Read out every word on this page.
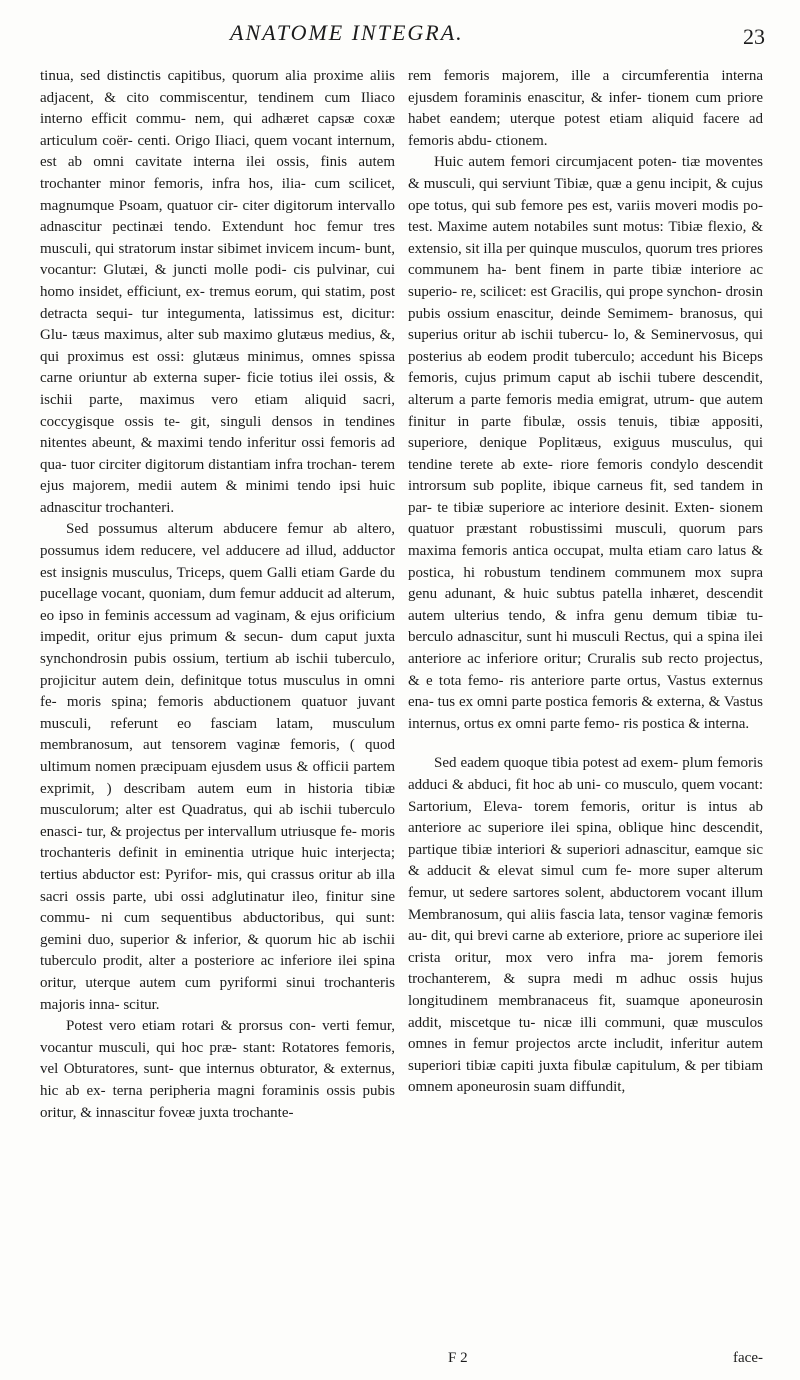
ANATOME INTEGRA.	23

tinua, sed distinctis capitibus, quorum alia proxime aliis adjacent, & cito commiscentur, tendinem cum Iliaco interno efficit commu- nem, qui adhæret capsæ coxæ articulum coër- centi. Origo Iliaci, quem vocant internum, est ab omni cavitate interna ilei ossis, finis autem trochanter minor femoris, infra hos, ilia- cum scilicet, magnumque Psoam, quatuor cir- citer digitorum intervallo adnascitur pectinæi tendo. Extendunt hoc femur tres musculi, qui stratorum instar sibimet invicem incum- bunt, vocantur: Glutæi, & juncti molle podi- cis pulvinar, cui homo insidet, efficiunt, ex- tremus eorum, qui statim, post detracta sequi- tur integumenta, latissimus est, dicitur: Glu- tæus maximus, alter sub maximo glutæus medius, &, qui proximus est ossi: glutæus minimus, omnes spissa carne oriuntur ab externa super- ficie totius ilei ossis, & ischii parte, maximus vero etiam aliquid sacri, coccygisque ossis te- git, singuli densos in tendines nitentes abeunt, & maximi tendo inferitur ossi femoris ad qua- tuor circiter digitorum distantiam infra trochan- terem ejus majorem, medii autem & minimi tendo ipsi huic adnascitur trochanteri.

Sed possumus alterum abducere femur ab altero, possumus idem reducere, vel adducere ad illud, adductor est insignis musculus, Triceps, quem Galli etiam Garde du pucellage vocant, quoniam, dum femur adducit ad alterum, eo ipso in feminis accessum ad vaginam, & ejus orificium impedit, oritur ejus primum & secun- dum caput juxta synchondrosin pubis ossium, tertium ab ischii tuberculo, projicitur autem dein, definitque totus musculus in omni fe- moris spina; femoris abductionem quatuor juvant musculi, referunt eo fasciam latam, musculum membranosum, aut tensorem vaginæ femoris, ( quod ultimum nomen præcipuam ejusdem usus & officii partem exprimit, ) describam autem eum in historia tibiæ musculorum; alter est Quadratus, qui ab ischii tuberculo enasci- tur, & projectus per intervallum utriusque fe- moris trochanteris definit in eminentia utrique huic interjecta; tertius abductor est: Pyrifor- mis, qui crassus oritur ab illa sacri ossis parte, ubi ossi adglutinatur ileo, finitur sine commu- ni cum sequentibus abductoribus, qui sunt: gemini duo, superior & inferior, & quorum hic ab ischii tuberculo prodit, alter a posteriore ac inferiore ilei spina oritur, uterque autem cum pyriformi sinui trochanteris majoris inna- scitur.

Potest vero etiam rotari & prorsus con- verti femur, vocantur musculi, qui hoc præ- stant: Rotatores femoris, vel Obturatores, sunt- que internus obturator, & externus, hic ab ex- terna peripheria magni foraminis ossis pubis oritur, & innascitur foveæ juxta trochante-

rem femoris majorem, ille a circumferentia interna ejusdem foraminis enascitur, & infer- tionem cum priore habet eandem; uterque potest etiam aliquid facere ad femoris abdu- ctionem.

Huic autem femori circumjacent poten- tiæ moventes & musculi, qui serviunt Tibiæ, quæ a genu incipit, & cujus ope totus, qui sub femore pes est, variis moveri modis po- test. Maxime autem notabiles sunt motus: Tibiæ flexio, & extensio, sit illa per quinque musculos, quorum tres priores communem ha- bent finem in parte tibiæ interiore ac superio- re, scilicet: est Gracilis, qui prope synchon- drosin pubis ossium enascitur, deinde Semimem- branosus, qui superius oritur ab ischii tubercu- lo, & Seminervosus, qui posterius ab eodem prodit tuberculo; accedunt his Biceps femoris, cujus primum caput ab ischii tubere descendit, alterum a parte femoris media emigrat, utrum- que autem finitur in parte fibulæ, ossis tenuis, tibiæ appositi, superiore, denique Poplitæus, exiguus musculus, qui tendine terete ab exte- riore femoris condylo descendit introrsum sub poplite, ibique carneus fit, sed tandem in par- te tibiæ superiore ac interiore desinit. Exten- sionem quatuor præstant robustissimi musculi, quorum pars maxima femoris antica occupat, multa etiam caro latus & postica, hi robustum tendinem communem mox supra genu adunant, & huic subtus patella inhæret, descendit autem ulterius tendo, & infra genu demum tibiæ tu- berculo adnascitur, sunt hi musculi Rectus, qui a spina ilei anteriore ac inferiore oritur; Cruralis sub recto projectus, & e tota femo- ris anteriore parte ortus, Vastus externus ena- tus ex omni parte postica femoris & externa, & Vastus internus, ortus ex omni parte femo- ris postica & interna.

Sed eadem quoque tibia potest ad exem- plum femoris adduci & abduci, fit hoc ab uni- co musculo, quem vocant: Sartorium, Eleva- torem femoris, oritur is intus ab anteriore ac superiore ilei spina, oblique hinc descendit, partique tibiæ interiori & superiori adnascitur, eamque sic & adducit & elevat simul cum fe- more super alterum femur, ut sedere sartores solent, abductorem vocant illum Membranosum, qui aliis fascia lata, tensor vaginæ femoris au- dit, qui brevi carne ab exteriore, priore ac superiore ilei crista oritur, mox vero infra ma- jorem femoris trochanterem, & supra medi m adhuc ossis hujus longitudinem membranaceus fit, suamque aponeurosin addit, miscetque tu- nicæ illi communi, quæ musculos omnes in femur projectos arcte includit, inferitur autem superiori tibiæ capiti juxta fibulæ capitulum, & per tibiam omnem aponeurosin suam diffundit,

F 2	face-
